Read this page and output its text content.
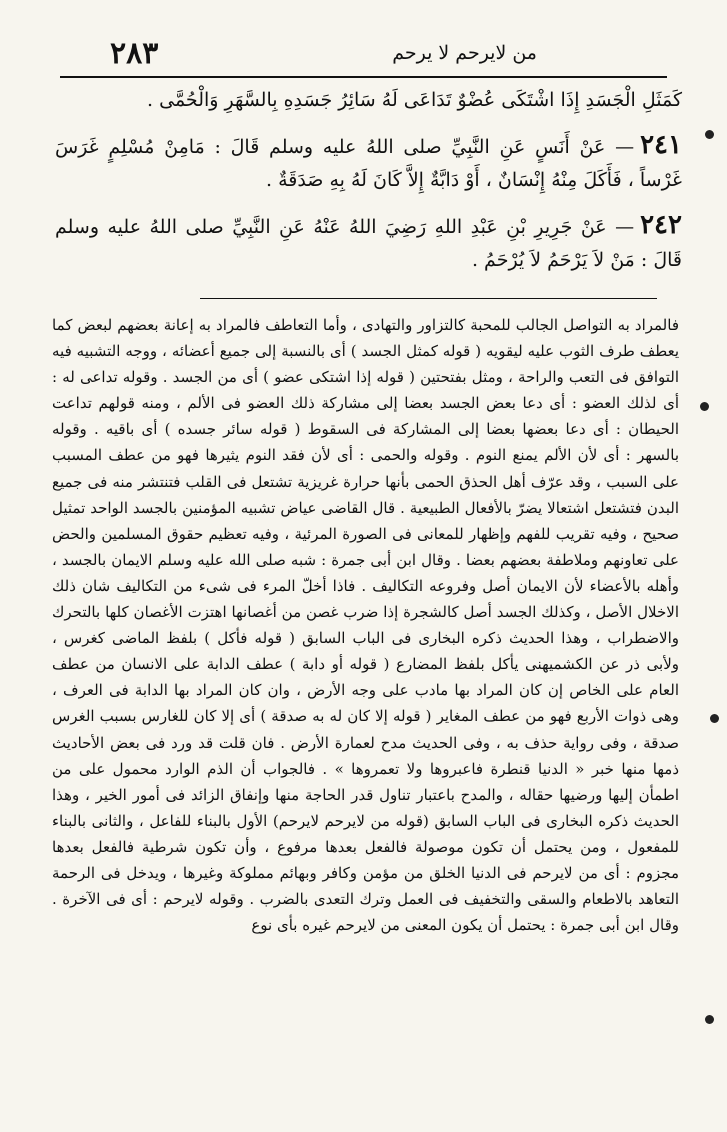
٢٨٣	من لايرحم لا يرحم

كَمَثَلِ الْجَسَدِ إِذَا اشْتَكَى عُضْوٌ تَدَاعَى لَهُ سَائِرُ جَسَدِهِ بِالسَّهَرِ وَالْحُمَّى .

٢٤١— عَنْ أَنَسٍ عَنِ النَّبِيِّ صلى اللهُ عليه وسلم قَالَ : مَامِنْ مُسْلِمٍ غَرَسَ غَرْساً ، فَأَكَلَ مِنْهُ إِنْسَانٌ ، أَوْ دَابَّةٌ إِلاَّ كَانَ لَهُ بِهِ صَدَقَةٌ .

٢٤٢— عَنْ جَرِيرِ بْنِ عَبْدِ اللهِ رَضِيَ اللهُ عَنْهُ عَنِ النَّبِيِّ صلى اللهُ عليه وسلم قَالَ : مَنْ لاَ يَرْحَمُ لاَ يُرْحَمُ .

فالمراد به التواصل الجالب للمحبة كالتزاور والتهادى ، وأما التعاطف فالمراد به إعانة بعضهم لبعض كما يعطف طرف الثوب عليه ليقويه ( قوله كمثل الجسد ) أى بالنسبة إلى جميع أعضائه ، ووجه التشبيه فيه التوافق فى التعب والراحة ، ومثل بفتحتين ( قوله إذا اشتكى عضو ) أى من الجسد . وقوله تداعى له : أى لذلك العضو : أى دعا بعض الجسد بعضا إلى مشاركة ذلك العضو فى الألم ، ومنه قولهم تداعت الحيطان : أى دعا بعضها بعضا إلى المشاركة فى السقوط ( قوله سائر جسده ) أى باقيه . وقوله بالسهر : أى لأن الألم يمنع النوم . وقوله والحمى : أى لأن فقد النوم يثيرها فهو من عطف المسبب على السبب ، وقد عرّف أهل الحذق الحمى بأنها حرارة غريزية تشتعل فى القلب فتنتشر منه فى جميع البدن فتشتعل اشتعالا يضرّ بالأفعال الطبيعية . قال القاضى عياض تشبيه المؤمنين بالجسد الواحد تمثيل صحيح ، وفيه تقريب للفهم وإظهار للمعانى فى الصورة المرئية ، وفيه تعظيم حقوق المسلمين والحض على تعاونهم وملاطفة بعضهم بعضا . وقال ابن أبى جمرة : شبه صلى الله عليه وسلم الايمان بالجسد ، وأهله بالأعضاء لأن الايمان أصل وفروعه التكاليف . فاذا أخلّ المرء فى شىء من التكاليف شان ذلك الاخلال الأصل ، وكذلك الجسد أصل كالشجرة إذا ضرب غصن من أغصانها اهتزت الأغصان كلها بالتحرك والاضطراب ، وهذا الحديث ذكره البخارى فى الباب السابق ( قوله فأكل ) بلفظ الماضى كغرس ، ولأبى ذر عن الكشميهنى يأكل بلفظ المضارع ( قوله أو دابة ) عطف الدابة على الانسان من عطف العام على الخاص إن كان المراد بها مادب على وجه الأرض ، وان كان المراد بها الدابة فى العرف ، وهى ذوات الأربع فهو من عطف المغاير ( قوله إلا كان له به صدقة ) أى إلا كان للغارس بسبب الغرس صدقة ، وفى رواية حذف به ، وفى الحديث مدح لعمارة الأرض . فان قلت قد ورد فى بعض الأحاديث ذمها منها خبر « الدنيا قنطرة فاعبروها ولا تعمروها » . فالجواب أن الذم الوارد محمول على من اطمأن إليها ورضيها حقاله ، والمدح باعتبار تناول قدر الحاجة منها وإنفاق الزائد فى أمور الخير ، وهذا الحديث ذكره البخارى فى الباب السابق (قوله من لايرحم لايرحم) الأول بالبناء للفاعل ، والثانى بالبناء للمفعول ، ومن يحتمل أن تكون موصولة فالفعل بعدها مرفوع ، وأن تكون شرطية فالفعل بعدها مجزوم : أى من لايرحم فى الدنيا الخلق من مؤمن وكافر وبهائم مملوكة وغيرها ، ويدخل فى الرحمة التعاهد بالاطعام والسقى والتخفيف فى العمل وترك التعدى بالضرب . وقوله لايرحم : أى فى الآخرة . وقال ابن أبى جمرة : يحتمل أن يكون المعنى من لايرحم غيره بأى نوع
